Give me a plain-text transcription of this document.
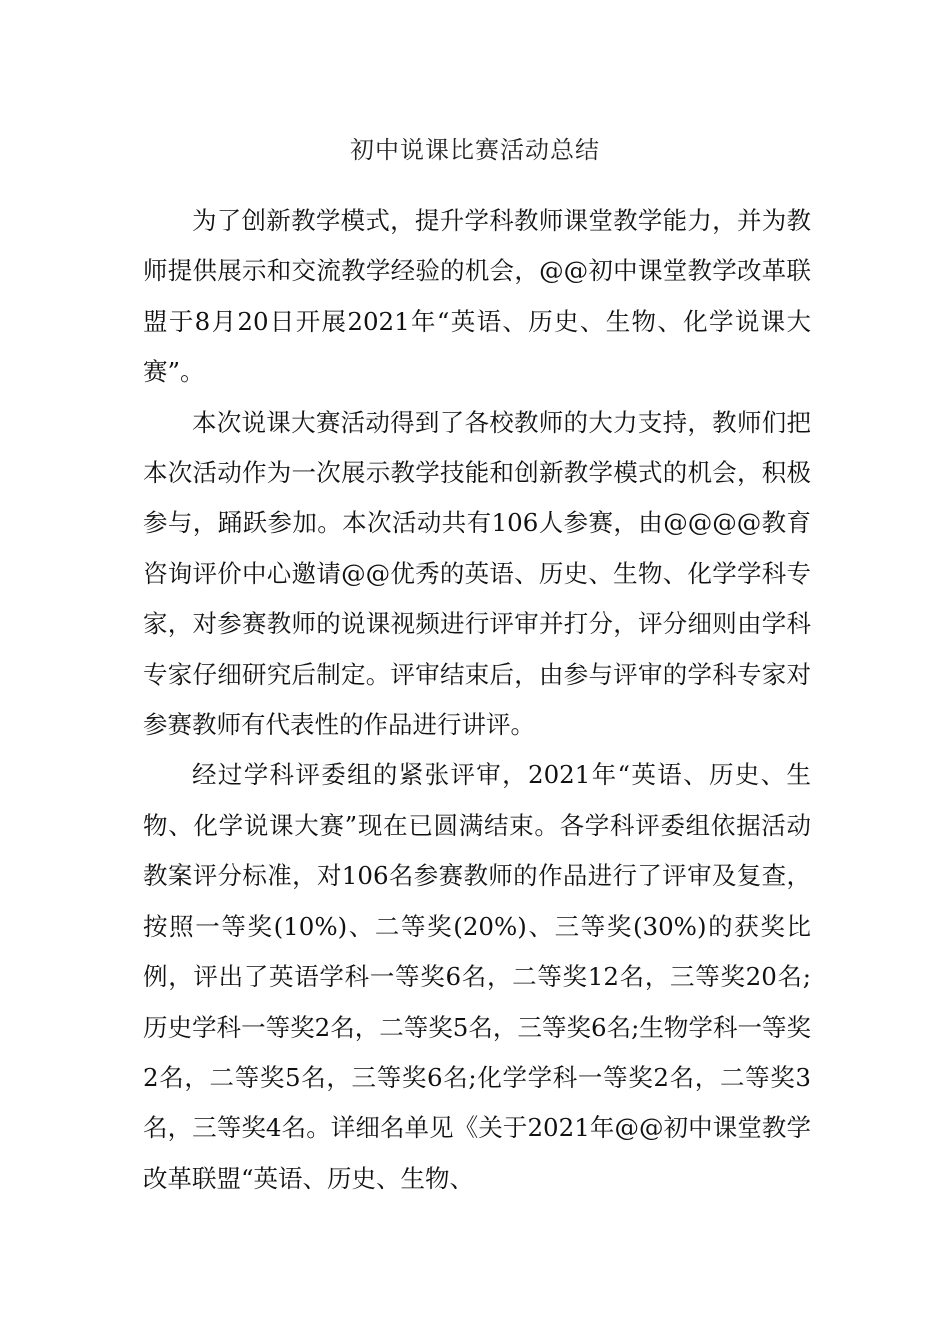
初中说课比赛活动总结

为了创新教学模式，提升学科教师课堂教学能力，并为教师提供展示和交流教学经验的机会，@@初中课堂教学改革联盟于8月20日开展2021年“英语、历史、生物、化学说课大赛”。

本次说课大赛活动得到了各校教师的大力支持，教师们把本次活动作为一次展示教学技能和创新教学模式的机会，积极参与，踊跃参加。本次活动共有106人参赛，由@@@@教育咨询评价中心邀请@@优秀的英语、历史、生物、化学学科专家，对参赛教师的说课视频进行评审并打分，评分细则由学科专家仔细研究后制定。评审结束后，由参与评审的学科专家对参赛教师有代表性的作品进行讲评。

经过学科评委组的紧张评审，2021年“英语、历史、生物、化学说课大赛”现在已圆满结束。各学科评委组依据活动教案评分标准，对106名参赛教师的作品进行了评审及复查，按照一等奖(10%)、二等奖(20%)、三等奖(30%)的获奖比例，评出了英语学科一等奖6名，二等奖12名，三等奖20名;历史学科一等奖2名，二等奖5名，三等奖6名;生物学科一等奖2名，二等奖5名，三等奖6名;化学学科一等奖2名，二等奖3名，三等奖4名。详细名单见《关于2021年@@初中课堂教学改革联盟“英语、历史、生物、
